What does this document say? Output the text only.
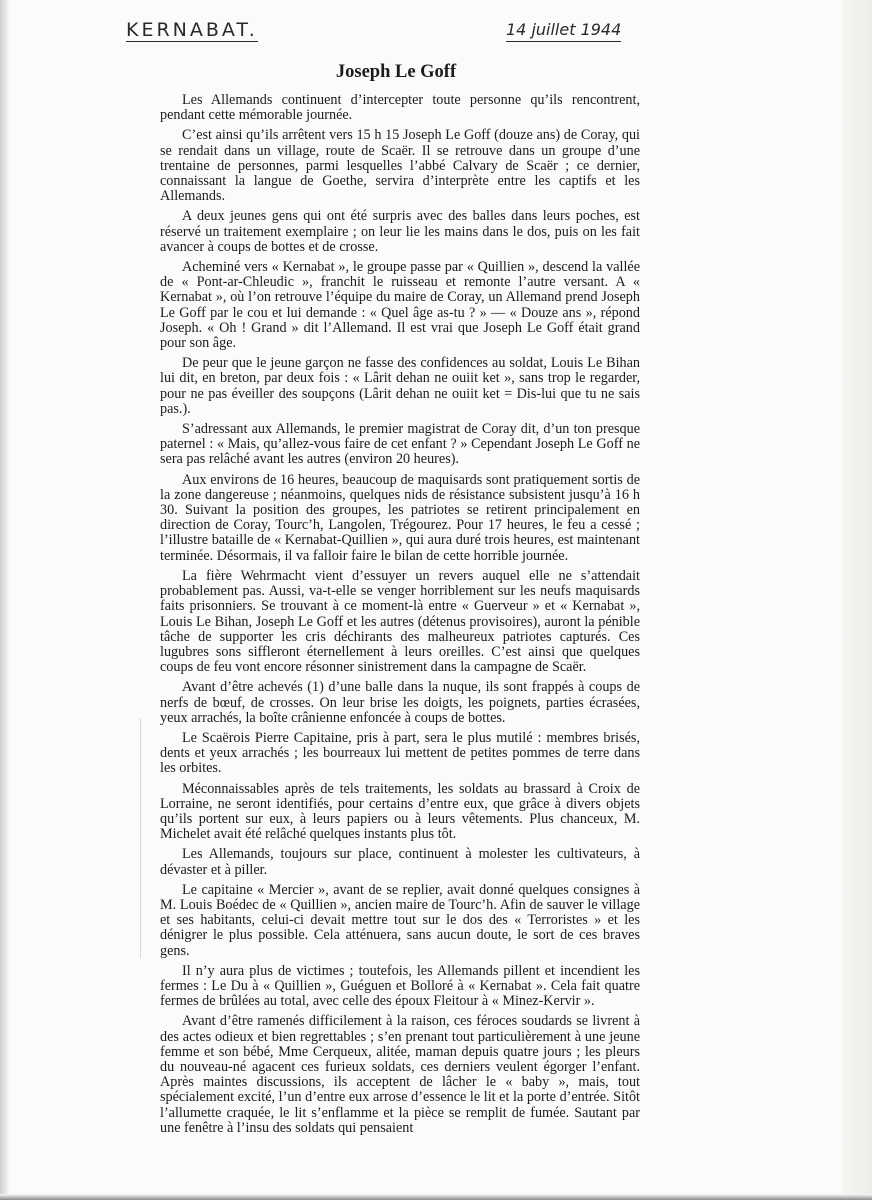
KERNABAT.	14 juillet 1944
Joseph Le Goff

Les Allemands continuent d’intercepter toute personne qu’ils rencontrent, pendant cette mémorable journée.

C’est ainsi qu’ils arrêtent vers 15 h 15 Joseph Le Goff (douze ans) de Coray, qui se rendait dans un village, route de Scaër. Il se retrouve dans un groupe d’une trentaine de personnes, parmi lesquelles l’abbé Calvary de Scaër ; ce dernier, connaissant la langue de Goethe, servira d’interprète entre les captifs et les Allemands.

A deux jeunes gens qui ont été surpris avec des balles dans leurs poches, est réservé un traitement exemplaire ; on leur lie les mains dans le dos, puis on les fait avancer à coups de bottes et de crosse.

Acheminé vers « Kernabat », le groupe passe par « Quillien », descend la vallée de « Pont-ar-Chleudic », franchit le ruisseau et remonte l’autre versant. A « Kernabat », où l’on retrouve l’équipe du maire de Coray, un Allemand prend Joseph Le Goff par le cou et lui demande : « Quel âge as-tu ? » — « Douze ans », répond Joseph. « Oh ! Grand » dit l’Allemand. Il est vrai que Joseph Le Goff était grand pour son âge.

De peur que le jeune garçon ne fasse des confidences au soldat, Louis Le Bihan lui dit, en breton, par deux fois : « Lârit dehan ne ouiit ket », sans trop le regarder, pour ne pas éveiller des soupçons (Lârit dehan ne ouiit ket = Dis-lui que tu ne sais pas.).

S’adressant aux Allemands, le premier magistrat de Coray dit, d’un ton presque paternel : « Mais, qu’allez-vous faire de cet enfant ? » Cependant Joseph Le Goff ne sera pas relâché avant les autres (environ 20 heures).

Aux environs de 16 heures, beaucoup de maquisards sont pratiquement sortis de la zone dangereuse ; néanmoins, quelques nids de résistance subsistent jusqu’à 16 h 30. Suivant la position des groupes, les patriotes se retirent principalement en direction de Coray, Tourc’h, Langolen, Trégourez. Pour 17 heures, le feu a cessé ; l’illustre bataille de « Kernabat-Quillien », qui aura duré trois heures, est maintenant terminée. Désormais, il va falloir faire le bilan de cette horrible journée.

La fière Wehrmacht vient d’essuyer un revers auquel elle ne s’attendait probablement pas. Aussi, va-t-elle se venger horriblement sur les neufs maquisards faits prisonniers. Se trouvant à ce moment-là entre « Guerveur » et « Kernabat », Louis Le Bihan, Joseph Le Goff et les autres (détenus provisoires), auront la pénible tâche de supporter les cris déchirants des malheureux patriotes capturés. Ces lugubres sons siffleront éternellement à leurs oreilles. C’est ainsi que quelques coups de feu vont encore résonner sinistrement dans la campagne de Scaër.

Avant d’être achevés (1) d’une balle dans la nuque, ils sont frappés à coups de nerfs de bœuf, de crosses. On leur brise les doigts, les poignets, parties écrasées, yeux arrachés, la boîte crânienne enfoncée à coups de bottes.

Le Scaërois Pierre Capitaine, pris à part, sera le plus mutilé : membres brisés, dents et yeux arrachés ; les bourreaux lui mettent de petites pommes de terre dans les orbites.

Méconnaissables après de tels traitements, les soldats au brassard à Croix de Lorraine, ne seront identifiés, pour certains d’entre eux, que grâce à divers objets qu’ils portent sur eux, à leurs papiers ou à leurs vêtements. Plus chanceux, M. Michelet avait été relâché quelques instants plus tôt.

Les Allemands, toujours sur place, continuent à molester les cultivateurs, à dévaster et à piller.

Le capitaine « Mercier », avant de se replier, avait donné quelques consignes à M. Louis Boédec de « Quillien », ancien maire de Tourc’h. Afin de sauver le village et ses habitants, celui-ci devait mettre tout sur le dos des « Terroristes » et les dénigrer le plus possible. Cela atténuera, sans aucun doute, le sort de ces braves gens.

Il n’y aura plus de victimes ; toutefois, les Allemands pillent et incendient les fermes : Le Du à « Quillien », Guéguen et Bolloré à « Kernabat ». Cela fait quatre fermes de brûlées au total, avec celle des époux Fleitour à « Minez-Kervir ».

Avant d’être ramenés difficilement à la raison, ces féroces soudards se livrent à des actes odieux et bien regrettables ; s’en prenant tout particulièrement à une jeune femme et son bébé, Mme Cerqueux, alitée, maman depuis quatre jours ; les pleurs du nouveau-né agacent ces furieux soldats, ces derniers veulent égorger l’enfant. Après maintes discussions, ils acceptent de lâcher le « baby », mais, tout spécialement excité, l’un d’entre eux arrose d’essence le lit et la porte d’entrée. Sitôt l’allumette craquée, le lit s’enflamme et la pièce se remplit de fumée. Sautant par une fenêtre à l’insu des soldats qui pensaient
